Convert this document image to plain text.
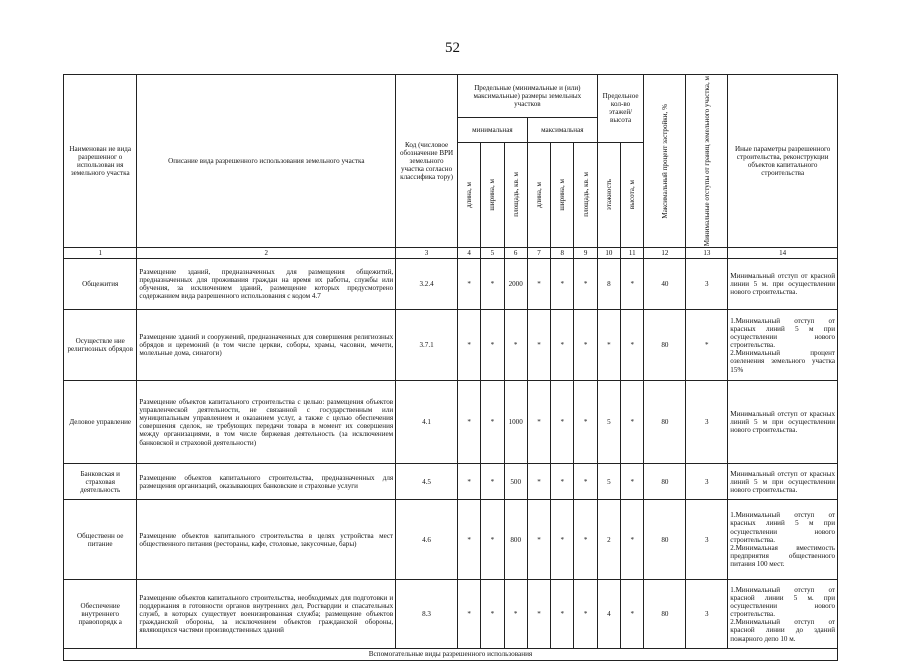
52
Наименован ие вида разрешенног о использован ия земельного участка	Описание вида разрешенного использования земельного участка	Код (числовое обозначение ВРИ земельного участка согласно классифика тору)	Предельные (минимальные и (или) максимальные) размеры земельных участков						Предельное кол-во этажей/ высота		Максимальный процент застройки, %	Минимальные отступы от границ земельного участка, м	Иные параметры разрешенного строительства, реконструкции объектов капитального строительства
			минимальная			максимальная							

			длина, м	ширина, м	площадь, кв. м	длина, м	ширина, м	площадь, кв. м	этажность	высота, м			

1	2	3	4	5	6	7	8	9	10	11	12	13	14
Общежития	Размещение зданий, предназначенных для размещения общежитий, предназначенных для проживания граждан на время их работы, службы или обучения, за исключением зданий, размещение которых предусмотрено содержанием вида разрешенного использования с кодом 4.7	3.2.4	*	*	2000	*	*	*	8	*	40	3	Минимальный отступ от красной линии 5 м. при осуществлении нового строительства.
Осуществле ние религиозных обрядов	Размещение зданий и сооружений, предназначенных для совершения религиозных обрядов и церемоний (в том числе церкви, соборы, храмы, часовни, мечети, молельные дома, синагоги)	3.7.1	*	*	*	*	*	*	*	*	80	*	1.Минимальный отступ от красных линий 5 м при осуществлении нового строительства.
2.Минимальный процент озеленения земельного участка 15%
Деловое управление	Размещение объектов капитального строительства с целью: размещения объектов управленческой деятельности, не связанной с государственным или муниципальным управлением и оказанием услуг, а также с целью обеспечения совершения сделок, не требующих передачи товара в момент их совершения между организациями, в том числе биржевая деятельность (за исключением банковской и страховой деятельности)	4.1	*	*	1000	*	*	*	5	*	80	3	Минимальный отступ от красных линий 5 м при осуществлении нового строительства.
Банковская и страховая деятельность	Размещение объектов капитального строительства, предназначенных для размещения организаций, оказывающих банковские и страховые услуги	4.5	*	*	500	*	*	*	5	*	80	3	Минимальный отступ от красных линий 5 м при осуществлении нового строительства.
Общественн ое питание	Размещение объектов капитального строительства в целях устройства мест общественного питания (рестораны, кафе, столовые, закусочные, бары)	4.6	*	*	800	*	*	*	2	*	80	3	1.Минимальный отступ от красных линий 5 м при осуществлении нового строительства.
2.Минимальная вместимость предприятия общественного питания 100 мест.
Обеспечение внутреннего правопорядк а	Размещение объектов капитального строительства, необходимых для подготовки и поддержания в готовности органов внутренних дел, Росгвардии и спасательных служб, в которых существует военизированная служба; размещение объектов гражданской обороны, за исключением объектов гражданской обороны, являющихся частями производственных зданий	8.3	*	*	*	*	*	*	4	*	80	3	1.Минимальный отступ от красной линии 5 м. при осуществлении нового строительства.
2.Минимальный отступ от красной линии до зданий пожарного депо 10 м.
Вспомогательные виды разрешенного использования													
